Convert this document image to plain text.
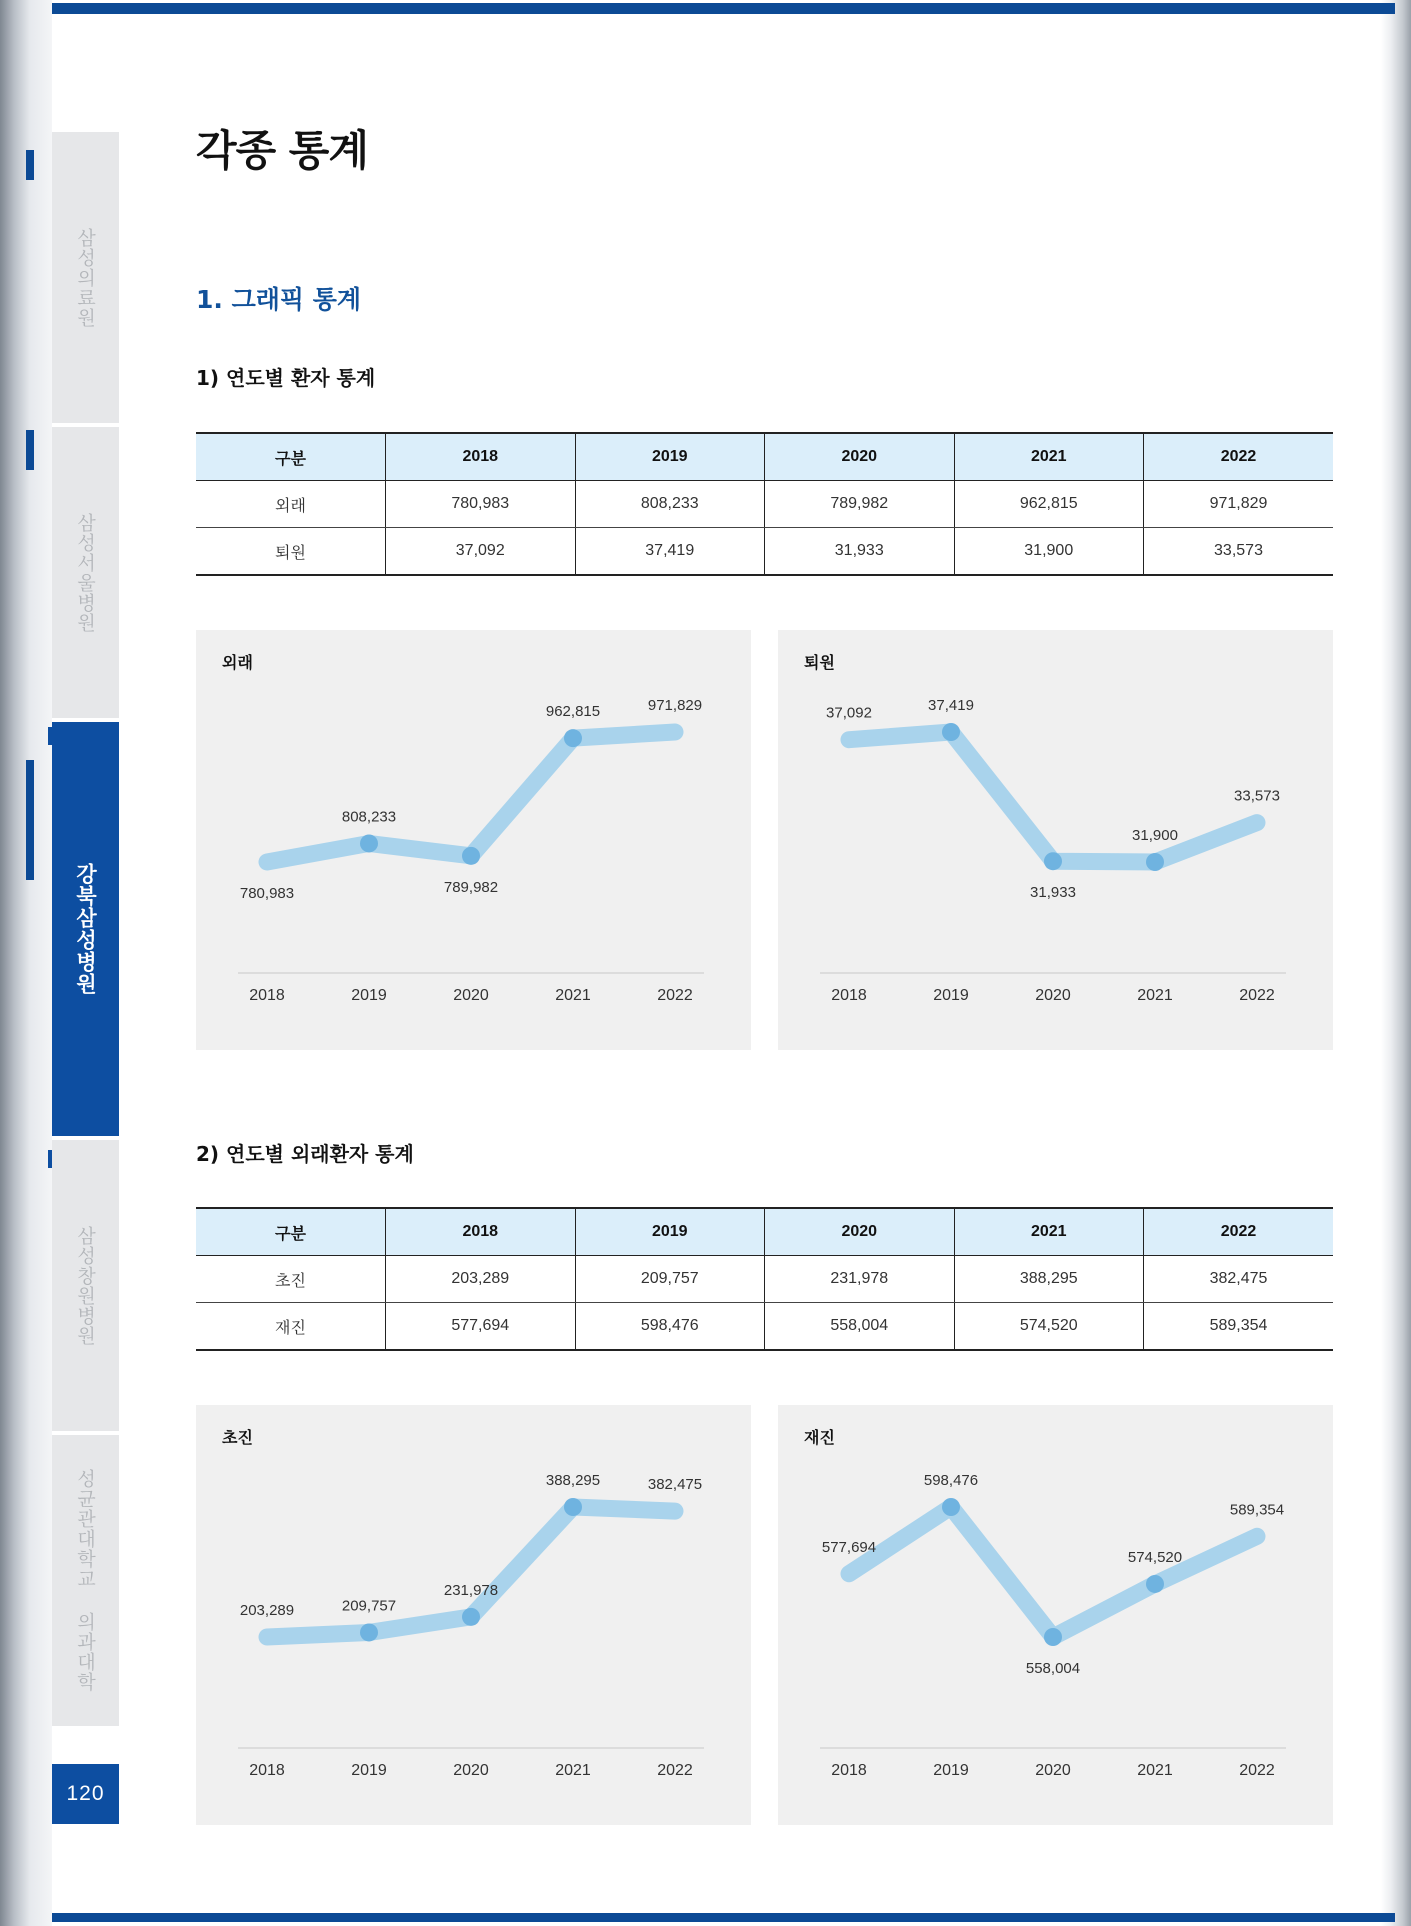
삼성의료원
삼성서울병원
강북삼성병원
삼성창원병원
성균관대학교 의과대학
120
각종 통계
1. 그래픽 통계
1) 연도별 환자 통계
구분	2018	2019	2020	2021	2022
외래	780,983	808,233	789,982	962,815	971,829
퇴원	37,092	37,419	31,933	31,900	33,573
외래
780,983
2018
808,233
2019
789,982
2020
962,815
2021
971,829
2022
퇴원
37,092
2018
37,419
2019
31,933
2020
31,900
2021
33,573
2022
2) 연도별 외래환자 통계
구분	2018	2019	2020	2021	2022
초진	203,289	209,757	231,978	388,295	382,475
재진	577,694	598,476	558,004	574,520	589,354
초진
203,289
2018
209,757
2019
231,978
2020
388,295
2021
382,475
2022
재진
577,694
2018
598,476
2019
558,004
2020
574,520
2021
589,354
2022
